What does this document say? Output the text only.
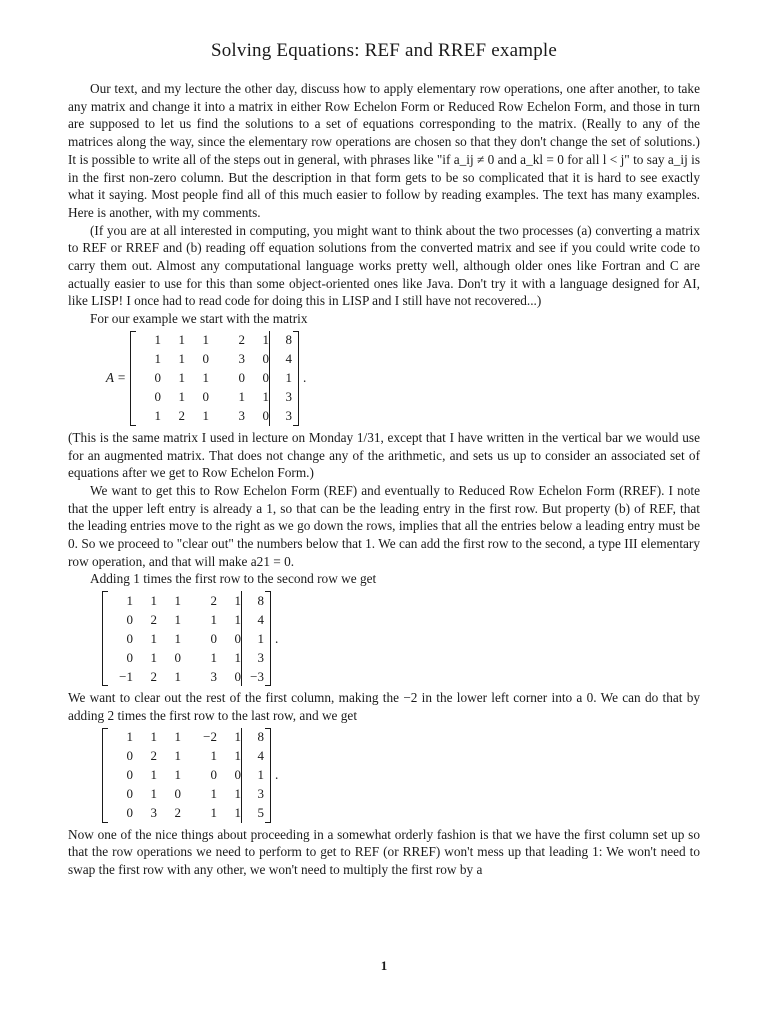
Solving Equations: REF and RREF example

Our text, and my lecture the other day, discuss how to apply elementary row operations, one after another, to take any matrix and change it into a matrix in either Row Echelon Form or Reduced Row Echelon Form, and those in turn are supposed to let us find the solutions to a set of equations corresponding to the matrix. (Really to any of the matrices along the way, since the elementary row operations are chosen so that they don't change the set of solutions.) It is possible to write all of the steps out in general, with phrases like "if a_ij ≠ 0 and a_kl = 0 for all l < j" to say a_ij is in the first non-zero column. But the description in that form gets to be so complicated that it is hard to see exactly what it saying. Most people find all of this much easier to follow by reading examples. The text has many examples. Here is another, with my comments.

(If you are at all interested in computing, you might want to think about the two processes (a) converting a matrix to REF or RREF and (b) reading off equation solutions from the converted matrix and see if you could write code to carry them out. Almost any computational language works pretty well, although older ones like Fortran and C are actually easier to use for this than some object-oriented ones like Java. Don't try it with a language designed for AI, like LISP! I once had to read code for doing this in LISP and I still have not recovered...)

For our example we start with the matrix

A =
1	1	1		2	1		8
1	1	0		3	0		4
0	1	1		0	0		1
0	1	0		1	1		3
1	2	1		3	0		3
.

(This is the same matrix I used in lecture on Monday 1/31, except that I have written in the vertical bar we would use for an augmented matrix. That does not change any of the arithmetic, and sets us up to consider an associated set of equations after we get to Row Echelon Form.)

We want to get this to Row Echelon Form (REF) and eventually to Reduced Row Echelon Form (RREF). I note that the upper left entry is already a 1, so that can be the leading entry in the first row. But property (b) of REF, that the leading entries move to the right as we go down the rows, implies that all the entries below a leading entry must be 0. So we proceed to "clear out" the numbers below that 1. We can add the first row to the second, a type III elementary row operation, and that will make a21 = 0.

Adding 1 times the first row to the second row we get

1	1	1		2	1		8
0	2	1		1	1		4
0	1	1		0	0		1
0	1	0		1	1		3
−1	2	1		3	0		−3
.

We want to clear out the rest of the first column, making the −2 in the lower left corner into a 0. We can do that by adding 2 times the first row to the last row, and we get

1	1	1		−2	1		8
0	2	1		1	1		4
0	1	1		0	0		1
0	1	0		1	1		3
0	3	2		1	1		5
.

Now one of the nice things about proceeding in a somewhat orderly fashion is that we have the first column set up so that the row operations we need to perform to get to REF (or RREF) won't mess up that leading 1: We won't need to swap the first row with any other, we won't need to multiply the first row by a

1
